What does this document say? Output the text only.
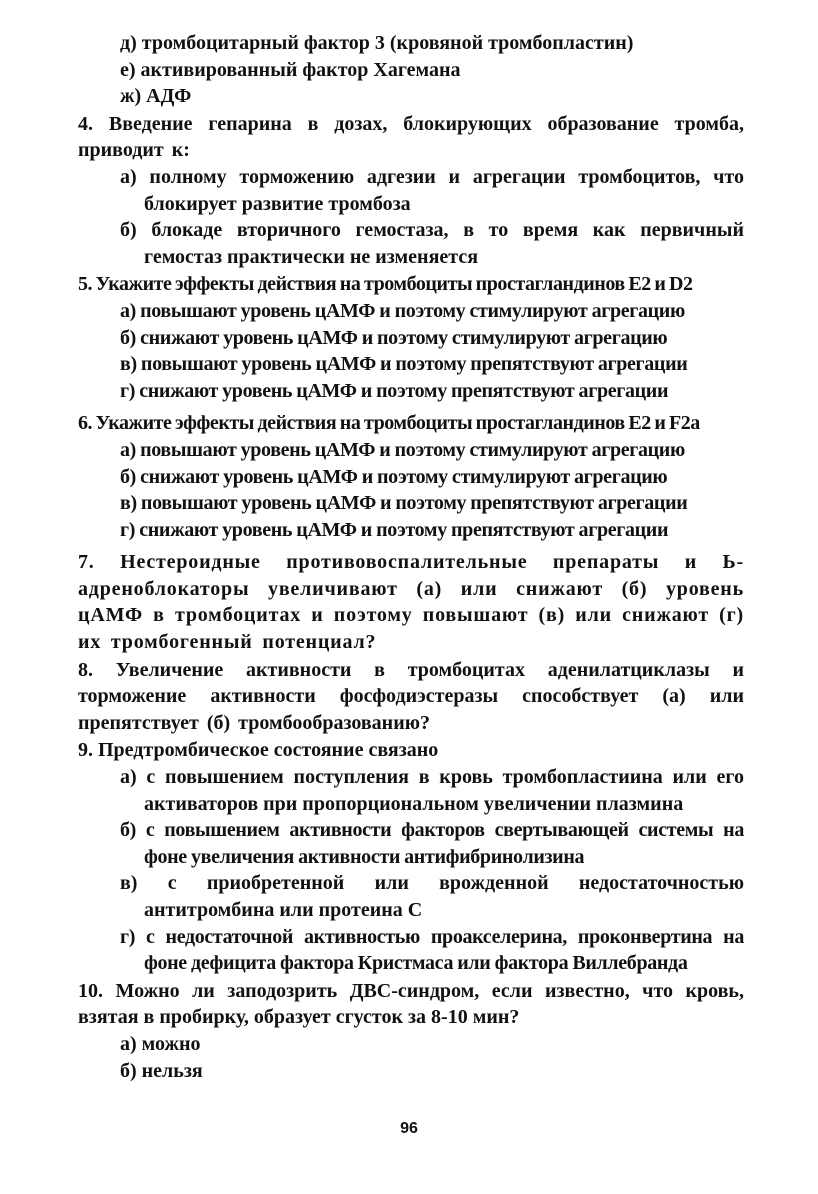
д) тромбоцитарный фактор 3 (кровяной тромбопластин)
е) активированный фактор Хагемана
ж) АДФ
4. Введение гепарина в дозах, блокирующих образование тромба, приводит к:
а) полному торможению адгезии и агрегации тромбоцитов, что блокирует развитие тромбоза
б) блокаде вторичного гемостаза, в то время как первичный гемостаз практически не изменяется
5. Укажите эффекты действия на тромбоциты простагландинов Е2 и D2
а) повышают уровень цАМФ и поэтому стимулируют агрегацию
б) снижают уровень цАМФ и поэтому стимулируют агрегацию
в) повышают уровень цАМФ и поэтому препятствуют агрегации
г) снижают уровень цАМФ и поэтому препятствуют агрегации
6. Укажите эффекты действия на тромбоциты простагландинов Е2 и F2a
а) повышают уровень цАМФ и поэтому стимулируют агрегацию
б) снижают уровень цАМФ и поэтому стимулируют агрегацию
в) повышают уровень цАМФ и поэтому препятствуют агрегации
г) снижают уровень цАМФ и поэтому препятствуют агрегации
7. Нестероидные противовоспалительные препараты и Ь-адреноблокаторы увеличивают (а) или снижают (б) уровень цАМФ в тромбоцитах и поэтому повышают (в) или снижают (г) их тромбогенный потенциал?
8. Увеличение активности в тромбоцитах аденилатциклазы и торможение активности фосфодиэстеразы способствует (а) или препятствует (б) тромбообразованию?
9. Предтромбическое состояние связано
а) с повышением поступления в кровь тромбопластиина или его активаторов при пропорциональном увеличении плазмина
б) с повышением активности факторов свертывающей системы на фоне увеличения активности антифибринолизина
в) с приобретенной или врожденной недостаточностью антитромбина или протеина С
г) с недостаточной активностью проакселерина, проконвертина на фоне дефицита фактора Кристмаса или фактора Виллебранда
10. Можно ли заподозрить ДВС-синдром, если известно, что кровь, взятая в пробирку, образует сгусток за 8-10 мин?
а) можно
б) нельзя
96
